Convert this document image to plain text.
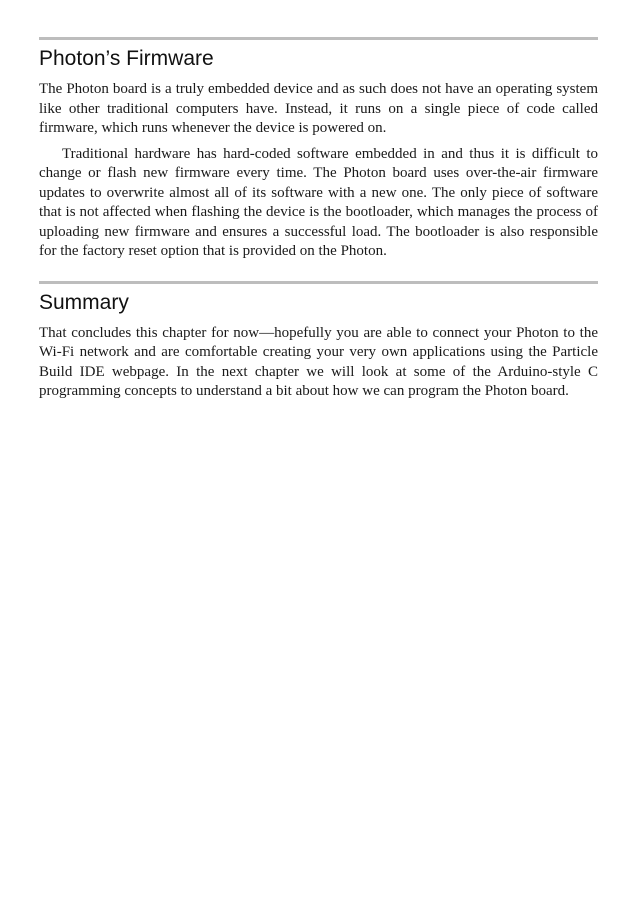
Photon’s Firmware

The Photon board is a truly embedded device and as such does not have an operating system like other traditional computers have. Instead, it runs on a single piece of code called firmware, which runs whenever the device is powered on.

Traditional hardware has hard-coded software embedded in and thus it is difficult to change or flash new firmware every time. The Photon board uses over-the-air firmware updates to overwrite almost all of its software with a new one. The only piece of software that is not affected when flashing the device is the bootloader, which manages the process of uploading new firmware and ensures a successful load. The bootloader is also responsible for the factory reset option that is provided on the Photon.

Summary

That concludes this chapter for now—hopefully you are able to connect your Photon to the Wi-Fi network and are comfortable creating your very own applications using the Particle Build IDE webpage. In the next chapter we will look at some of the Arduino-style C programming concepts to understand a bit about how we can program the Photon board.
